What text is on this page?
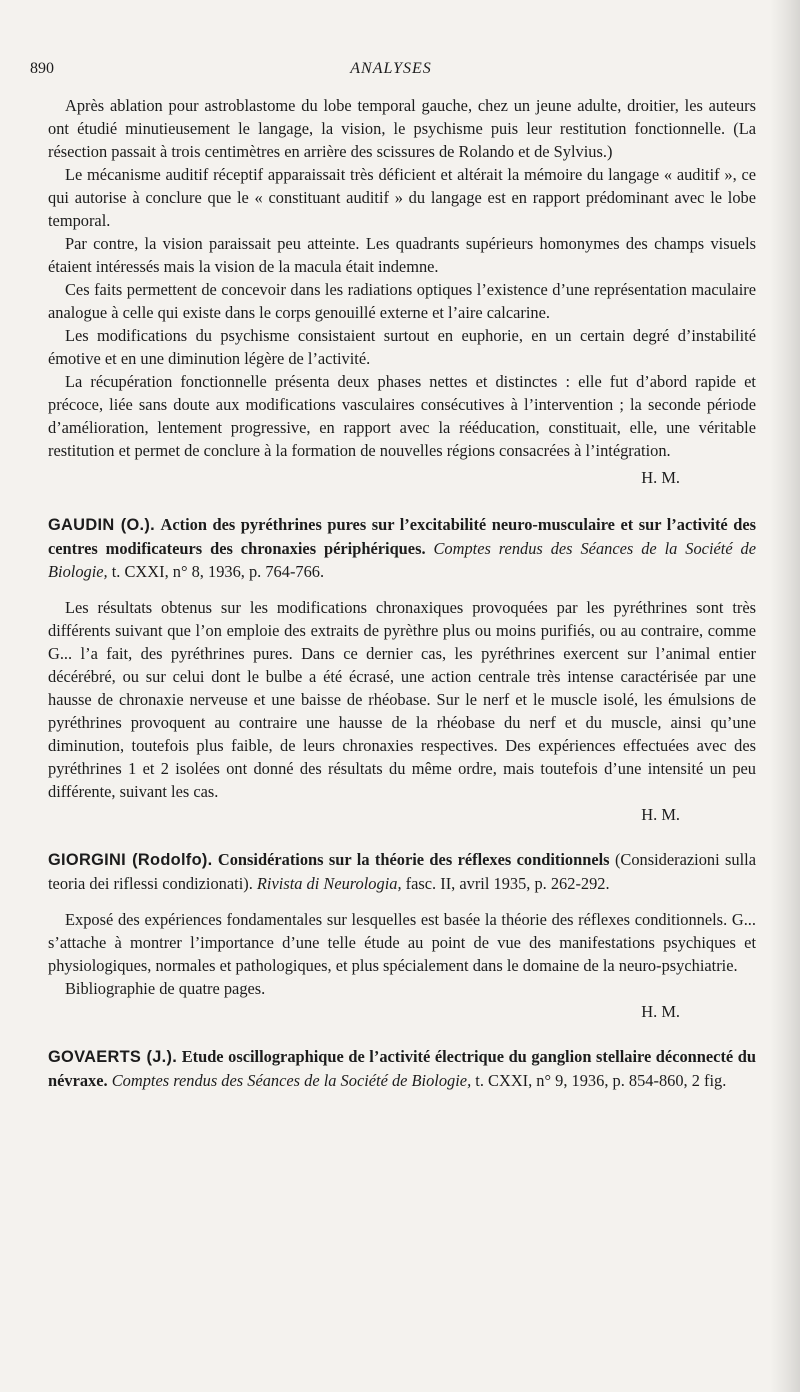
890	ANALYSES

Après ablation pour astroblastome du lobe temporal gauche, chez un jeune adulte, droitier, les auteurs ont étudié minutieusement le langage, la vision, le psychisme puis leur restitution fonctionnelle. (La résection passait à trois centimètres en arrière des scissures de Rolando et de Sylvius.)

Le mécanisme auditif réceptif apparaissait très déficient et altérait la mémoire du langage « auditif », ce qui autorise à conclure que le « constituant auditif » du langage est en rapport prédominant avec le lobe temporal.

Par contre, la vision paraissait peu atteinte. Les quadrants supérieurs homonymes des champs visuels étaient intéressés mais la vision de la macula était indemne.

Ces faits permettent de concevoir dans les radiations optiques l’existence d’une représentation maculaire analogue à celle qui existe dans le corps genouillé externe et l’aire calcarine.

Les modifications du psychisme consistaient surtout en euphorie, en un certain degré d’instabilité émotive et en une diminution légère de l’activité.

La récupération fonctionnelle présenta deux phases nettes et distinctes : elle fut d’abord rapide et précoce, liée sans doute aux modifications vasculaires consécutives à l’intervention ; la seconde période d’amélioration, lentement progressive, en rapport avec la rééducation, constituait, elle, une véritable restitution et permet de conclure à la formation de nouvelles régions consacrées à l’intégration.

H. M.
GAUDIN (O.). Action des pyréthrines pures sur l’excitabilité neuro-musculaire et sur l’activité des centres modificateurs des chronaxies périphériques. Comptes rendus des Séances de la Société de Biologie, t. CXXI, n° 8, 1936, p. 764-766.

Les résultats obtenus sur les modifications chronaxiques provoquées par les pyréthrines sont très différents suivant que l’on emploie des extraits de pyrèthre plus ou moins purifiés, ou au contraire, comme G... l’a fait, des pyréthrines pures. Dans ce dernier cas, les pyréthrines exercent sur l’animal entier décérébré, ou sur celui dont le bulbe a été écrasé, une action centrale très intense caractérisée par une hausse de chronaxie nerveuse et une baisse de rhéobase. Sur le nerf et le muscle isolé, les émulsions de pyréthrines provoquent au contraire une hausse de la rhéobase du nerf et du muscle, ainsi qu’une diminution, toutefois plus faible, de leurs chronaxies respectives. Des expériences effectuées avec des pyréthrines 1 et 2 isolées ont donné des résultats du même ordre, mais toutefois d’une intensité un peu différente, suivant les cas.

H. M.
GIORGINI (Rodolfo). Considérations sur la théorie des réflexes conditionnels (Considerazioni sulla teoria dei riflessi condizionati). Rivista di Neurologia, fasc. II, avril 1935, p. 262-292.

Exposé des expériences fondamentales sur lesquelles est basée la théorie des réflexes conditionnels. G... s’attache à montrer l’importance d’une telle étude au point de vue des manifestations psychiques et physiologiques, normales et pathologiques, et plus spécialement dans le domaine de la neuro-psychiatrie.

Bibliographie de quatre pages.

H. M.
GOVAERTS (J.). Etude oscillographique de l’activité électrique du ganglion stellaire déconnecté du névraxe. Comptes rendus des Séances de la Société de Biologie, t. CXXI, n° 9, 1936, p. 854-860, 2 fig.
